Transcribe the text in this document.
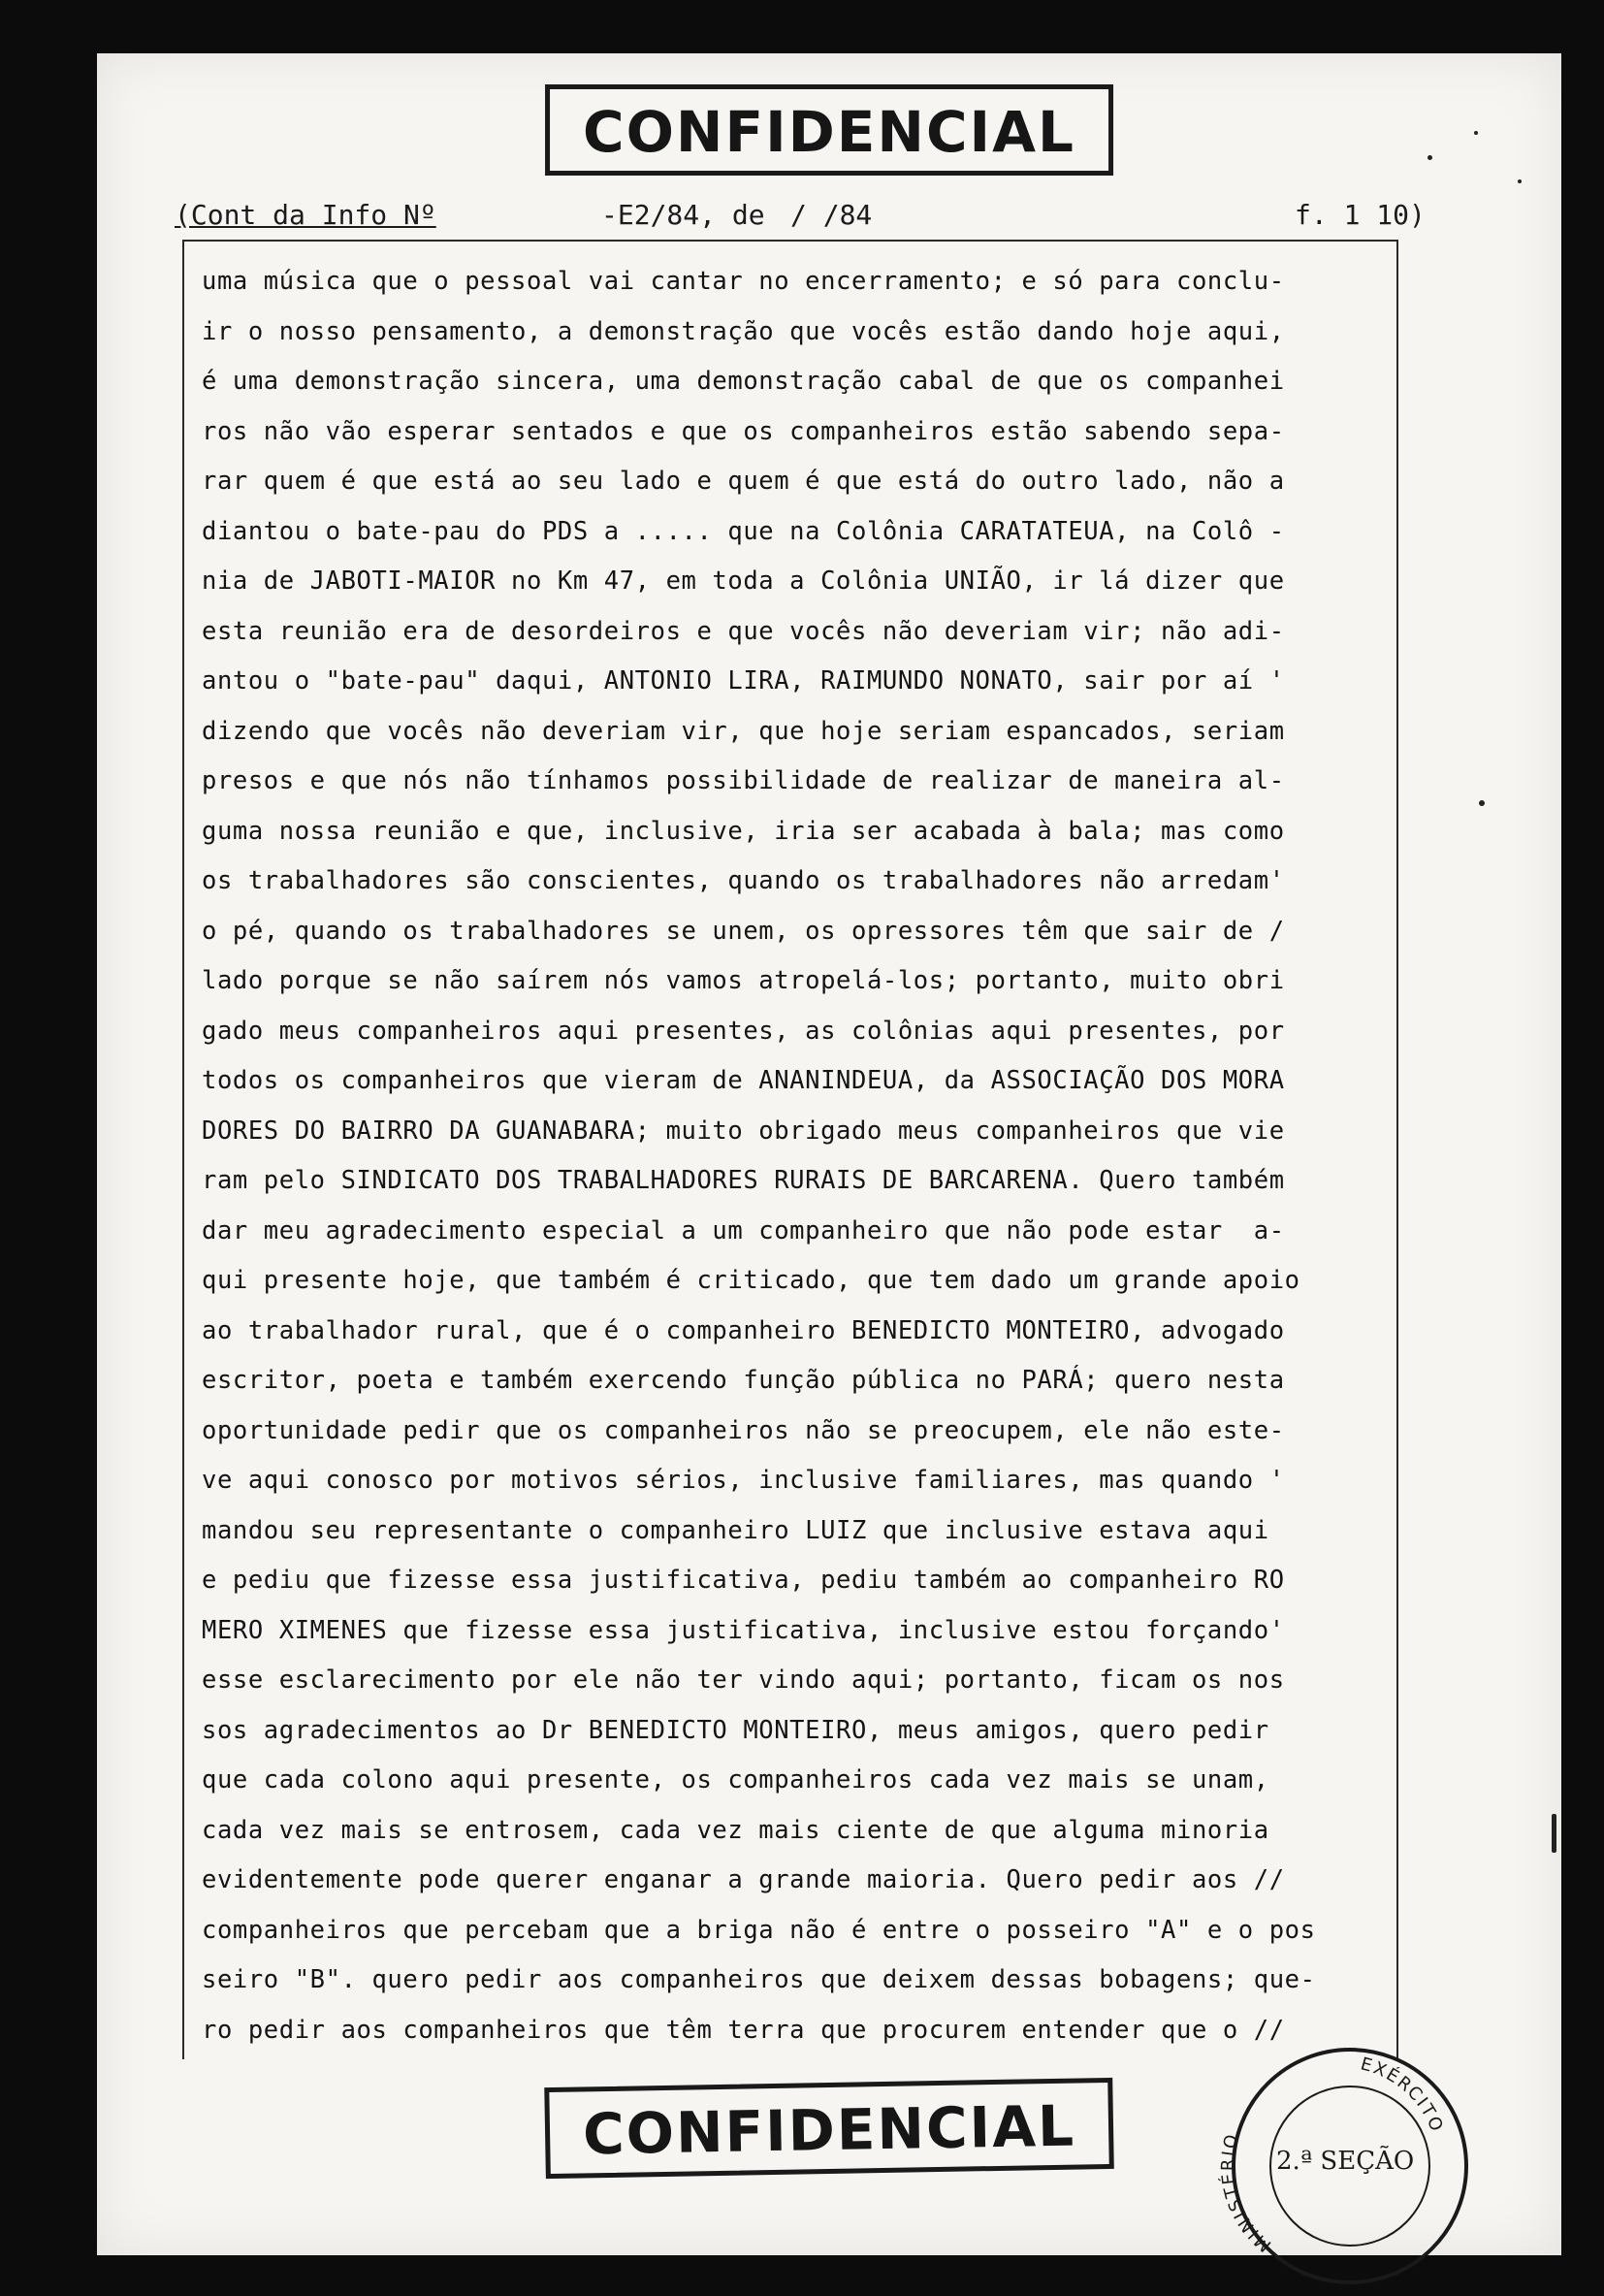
CONFIDENCIAL
(Cont da Info Nº	-E2/84, de / /84	f. 1 10)
uma música que o pessoal vai cantar no encerramento; e só para conclu-
ir o nosso pensamento, a demonstração que vocês estão dando hoje aqui,
é uma demonstração sincera, uma demonstração cabal de que os companhei
ros não vão esperar sentados e que os companheiros estão sabendo sepa-
rar quem é que está ao seu lado e quem é que está do outro lado, não a
diantou o bate-pau do PDS a ..... que na Colônia CARATATEUA, na Colô -
nia de JABOTI-MAIOR no Km 47, em toda a Colônia UNIÃO, ir lá dizer que
esta reunião era de desordeiros e que vocês não deveriam vir; não adi-
antou o "bate-pau" daqui, ANTONIO LIRA, RAIMUNDO NONATO, sair por aí '
dizendo que vocês não deveriam vir, que hoje seriam espancados, seriam
presos e que nós não tínhamos possibilidade de realizar de maneira al-
guma nossa reunião e que, inclusive, iria ser acabada à bala; mas como
os trabalhadores são conscientes, quando os trabalhadores não arredam'
o pé, quando os trabalhadores se unem, os opressores têm que sair de /
lado porque se não saírem nós vamos atropelá-los; portanto, muito obri
gado meus companheiros aqui presentes, as colônias aqui presentes, por
todos os companheiros que vieram de ANANINDEUA, da ASSOCIAÇÃO DOS MORA
DORES DO BAIRRO DA GUANABARA; muito obrigado meus companheiros que vie
ram pelo SINDICATO DOS TRABALHADORES RURAIS DE BARCARENA. Quero também
dar meu agradecimento especial a um companheiro que não pode estar  a-
qui presente hoje, que também é criticado, que tem dado um grande apoio
ao trabalhador rural, que é o companheiro BENEDICTO MONTEIRO, advogado
escritor, poeta e também exercendo função pública no PARÁ; quero nesta
oportunidade pedir que os companheiros não se preocupem, ele não este-
ve aqui conosco por motivos sérios, inclusive familiares, mas quando '
mandou seu representante o companheiro LUIZ que inclusive estava aqui
e pediu que fizesse essa justificativa, pediu também ao companheiro RO
MERO XIMENES que fizesse essa justificativa, inclusive estou forçando'
esse esclarecimento por ele não ter vindo aqui; portanto, ficam os nos
sos agradecimentos ao Dr BENEDICTO MONTEIRO, meus amigos, quero pedir
que cada colono aqui presente, os companheiros cada vez mais se unam,
cada vez mais se entrosem, cada vez mais ciente de que alguma minoria
evidentemente pode querer enganar a grande maioria. Quero pedir aos //
companheiros que percebam que a briga não é entre o posseiro "A" e o pos
seiro "B". quero pedir aos companheiros que deixem dessas bobagens; que-
ro pedir aos companheiros que têm terra que procurem entender que o //
CONFIDENCIAL
MINISTÉRIO
EXÉRCITO
2.ª SEÇÃO
